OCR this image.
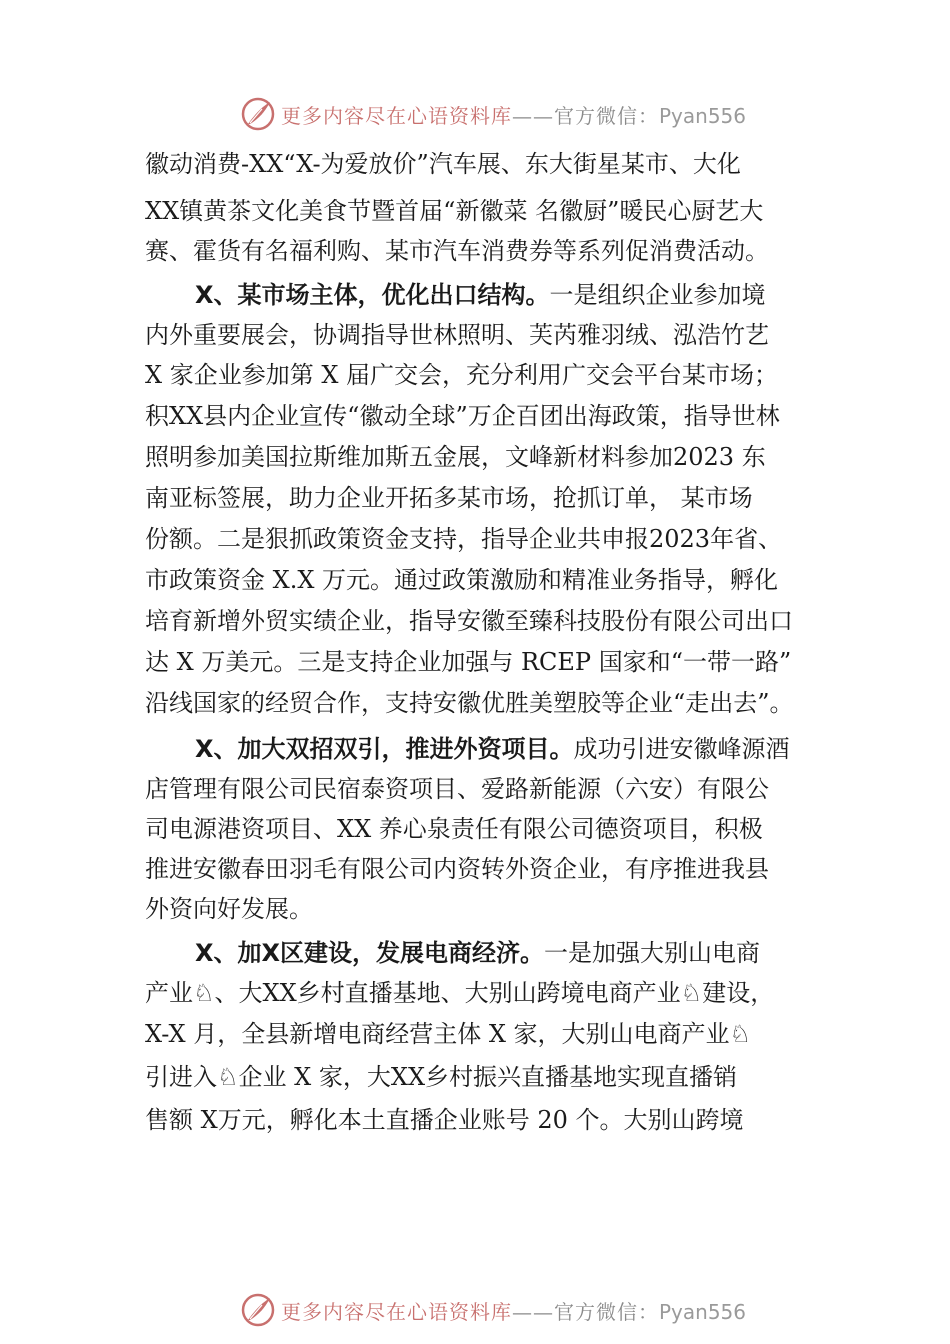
更多内容尽在心语资料库——官方微信：Pyan556
徽动消费-XX“X-为爱放价”汽车展、东大街星某市、大化
XX镇黄茶文化美食节暨首届“新徽菜 名徽厨”暖民心厨艺大
赛、霍货有名福利购、某市汽车消费券等系列促消费活动。
X、某市场主体，优化出口结构。一是组织企业参加境
内外重要展会，协调指导世林照明、芙芮雅羽绒、泓浩竹艺
X 家企业参加第 X 届广交会，充分利用广交会平台某市场；
积XX县内企业宣传“徽动全球”万企百团出海政策，指导世林
照明参加美国拉斯维加斯五金展，文峰新材料参加2023 东
南亚标签展，助力企业开拓多某市场，抢抓订单， 某市场
份额。二是狠抓政策资金支持，指导企业共申报2023年省、
市政策资金 X.X 万元。通过政策激励和精准业务指导，孵化
培育新增外贸实绩企业，指导安徽至臻科技股份有限公司出口
达 X 万美元。三是支持企业加强与 RCEP 国家和“一带一路”
沿线国家的经贸合作，支持安徽优胜美塑胶等企业“走出去”。
X、加大双招双引，推进外资项目。成功引进安徽峰源酒
店管理有限公司民宿泰资项目、爱路新能源（六安）有限公
司电源港资项目、XX 养心泉责任有限公司德资项目，积极
推进安徽春田羽毛有限公司内资转外资企业，有序推进我县
外资向好发展。
X、加X区建设，发展电商经济。一是加强大别山电商
产业♘、大XX乡村直播基地、大别山跨境电商产业♘建设，
X-X 月，全县新增电商经营主体 X 家，大别山电商产业♘
引进入♘企业 X 家，大XX乡村振兴直播基地实现直播销
售额 X万元，孵化本土直播企业账号 20 个。大别山跨境
更多内容尽在心语资料库——官方微信：Pyan556
